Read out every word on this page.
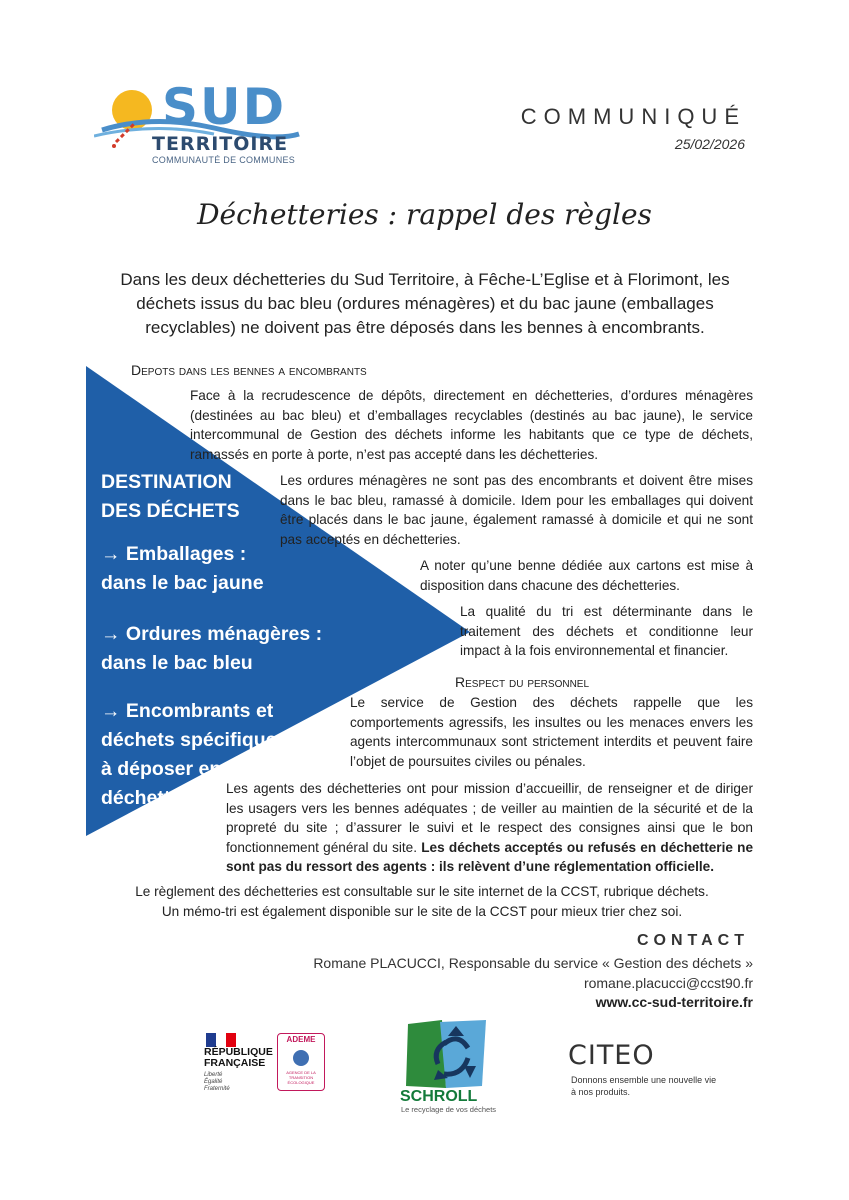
SUD
TERRITOIRE
COMMUNAUTÉ DE COMMUNES
COMMUNIQUÉ
25/02/2026
Déchetteries : rappel des règles
Dans les deux déchetteries du Sud Territoire, à Fêche-L’Eglise et à Florimont, les déchets issus du bac bleu (ordures ménagères) et du bac jaune (emballages recyclables) ne doivent pas être déposés dans les bennes à encombrants.
DESTINATION
DES DÉCHETS
→ Emballages :
dans le bac jaune
→ Ordures ménagères :
dans le bac bleu
→ Encombrants et
déchets spécifiques :
à déposer en
déchetterie
Depots dans les bennes a encombrants
Face à la recrudescence de dépôts, directement en déchetteries, d’ordures ménagères (destinées au bac bleu) et d’emballages recyclables (destinés au bac jaune), le service intercommunal de Gestion des déchets informe les habitants que ce type de déchets, ramassés en porte à porte, n’est pas accepté dans les déchetteries.
Les ordures ménagères ne sont pas des encombrants et doivent être mises dans le bac bleu, ramassé à domicile. Idem pour les emballages qui doivent être placés dans le bac jaune, également ramassé à domicile et qui ne sont pas acceptés en déchetteries.
A noter qu’une benne dédiée aux cartons est mise à disposition dans chacune des déchetteries.
La qualité du tri est déterminante dans le traitement des déchets et conditionne leur impact à la fois environnemental et financier.
Respect du personnel
Le service de Gestion des déchets rappelle que les comportements agressifs, les insultes ou les menaces envers les agents intercommunaux sont strictement interdits et peuvent faire l’objet de poursuites civiles ou pénales.
Les agents des déchetteries ont pour mission d’accueillir, de renseigner et de diriger les usagers vers les bennes adéquates ; de veiller au maintien de la sécurité et de la propreté du site ; d’assurer le suivi et le respect des consignes ainsi que le bon fonctionnement général du site. Les déchets acceptés ou refusés en déchetterie ne sont pas du ressort des agents : ils relèvent d’une réglementation officielle.
Le règlement des déchetteries est consultable sur le site internet de la CCST, rubrique déchets.
Un mémo-tri est également disponible sur le site de la CCST pour mieux trier chez soi.
CONTACT
Romane PLACUCCI, Responsable du service « Gestion des déchets »
romane.placucci@ccst90.fr
www.cc-sud-territoire.fr
RÉPUBLIQUE
FRANÇAISE
Liberté
Égalité
Fraternité
ADEME
AGENCE DE LA TRANSITION ÉCOLOGIQUE
SCHROLL
Le recyclage de vos déchets
CITEO
Donnons ensemble une nouvelle vie à nos produits.
